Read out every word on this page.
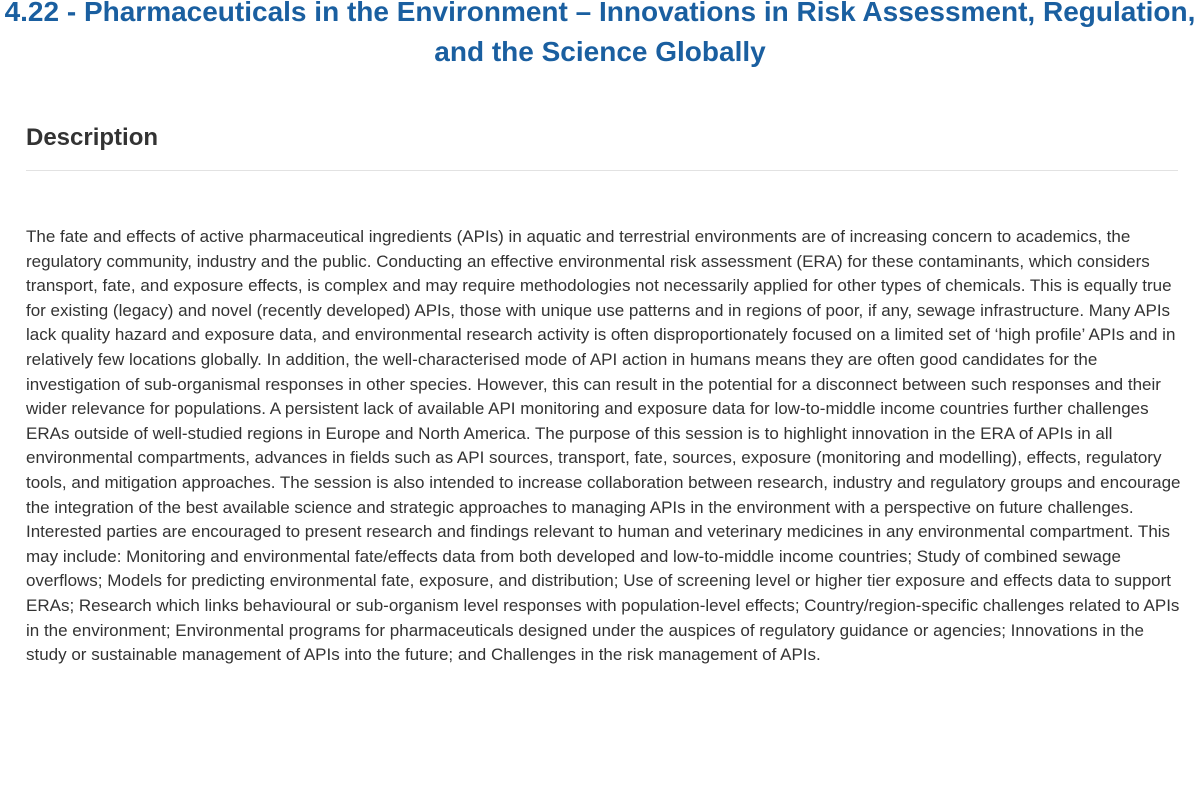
4.22 - Pharmaceuticals in the Environment – Innovations in Risk Assessment, Regulation, and the Science Globally
Description

The fate and effects of active pharmaceutical ingredients (APIs) in aquatic and terrestrial environments are of increasing concern to academics, the regulatory community, industry and the public. Conducting an effective environmental risk assessment (ERA) for these contaminants, which considers transport, fate, and exposure effects, is complex and may require methodologies not necessarily applied for other types of chemicals. This is equally true for existing (legacy) and novel (recently developed) APIs, those with unique use patterns and in regions of poor, if any, sewage infrastructure. Many APIs lack quality hazard and exposure data, and environmental research activity is often disproportionately focused on a limited set of ‘high profile’ APIs and in relatively few locations globally. In addition, the well-characterised mode of API action in humans means they are often good candidates for the investigation of sub-organismal responses in other species. However, this can result in the potential for a disconnect between such responses and their wider relevance for populations. A persistent lack of available API monitoring and exposure data for low-to-middle income countries further challenges ERAs outside of well-studied regions in Europe and North America. The purpose of this session is to highlight innovation in the ERA of APIs in all environmental compartments, advances in fields such as API sources, transport, fate, sources, exposure (monitoring and modelling), effects, regulatory tools, and mitigation approaches. The session is also intended to increase collaboration between research, industry and regulatory groups and encourage the integration of the best available science and strategic approaches to managing APIs in the environment with a perspective on future challenges. Interested parties are encouraged to present research and findings relevant to human and veterinary medicines in any environmental compartment. This may include: Monitoring and environmental fate/effects data from both developed and low-to-middle income countries; Study of combined sewage overflows; Models for predicting environmental fate, exposure, and distribution; Use of screening level or higher tier exposure and effects data to support ERAs; Research which links behavioural or sub-organism level responses with population-level effects; Country/region-specific challenges related to APIs in the environment; Environmental programs for pharmaceuticals designed under the auspices of regulatory guidance or agencies; Innovations in the study or sustainable management of APIs into the future; and Challenges in the risk management of APIs.
